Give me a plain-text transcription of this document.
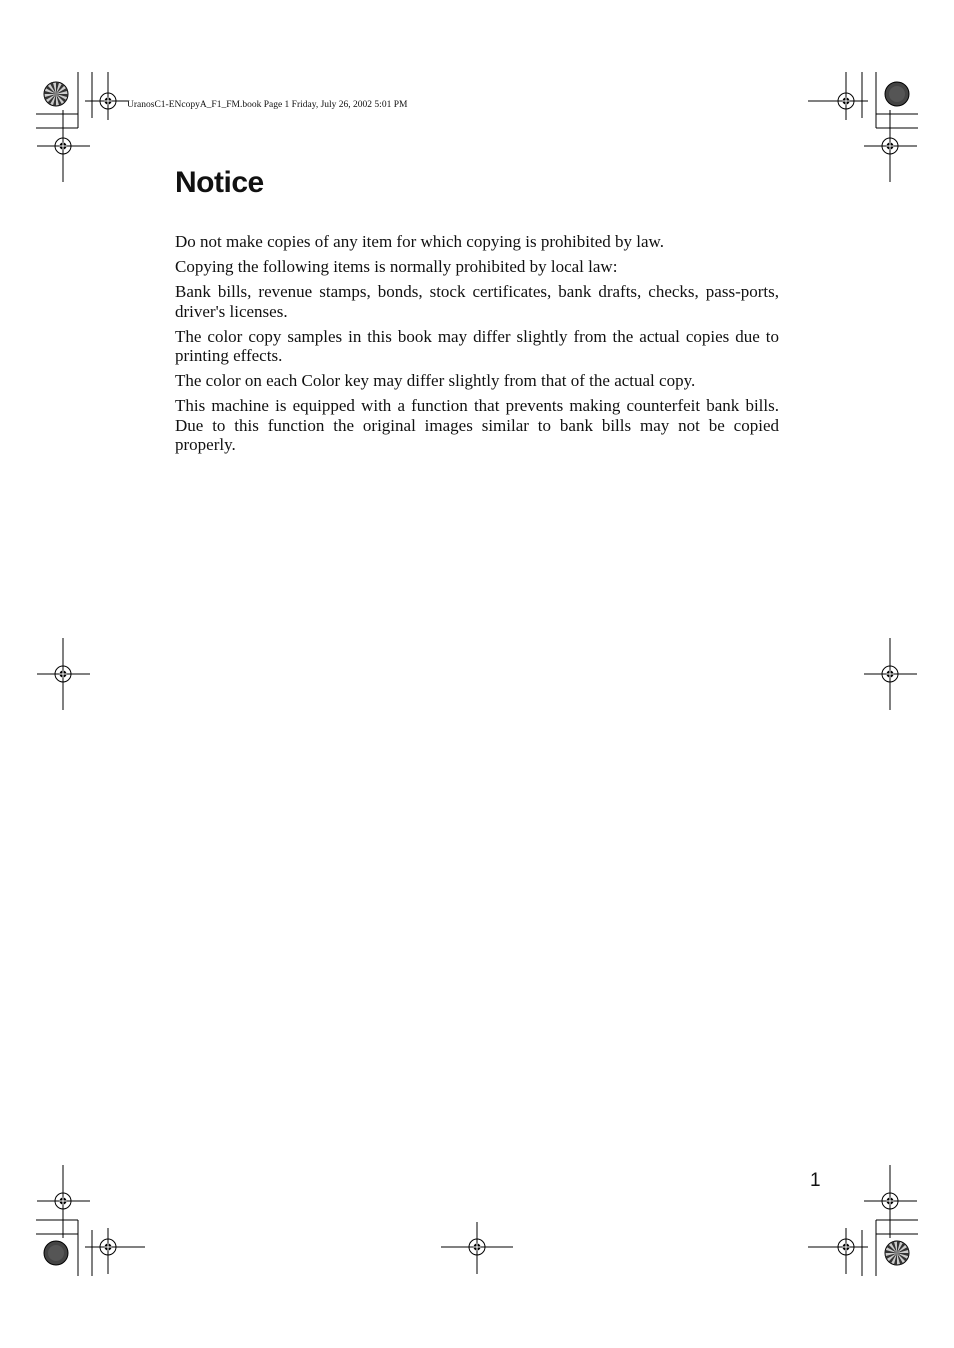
UranosC1-ENcopyA_F1_FM.book Page 1 Friday, July 26, 2002 5:01 PM
Notice

Do not make copies of any item for which copying is prohibited by law.

Copying the following items is normally prohibited by local law:

Bank bills, revenue stamps, bonds, stock certificates, bank drafts, checks, pass-ports, driver's licenses.

The color copy samples in this book may differ slightly from the actual copies due to printing effects.

The color on each Color key may differ slightly from that of the actual copy.

This machine is equipped with a function that prevents making counterfeit bank bills. Due to this function the original images similar to bank bills may not be copied properly.

1
